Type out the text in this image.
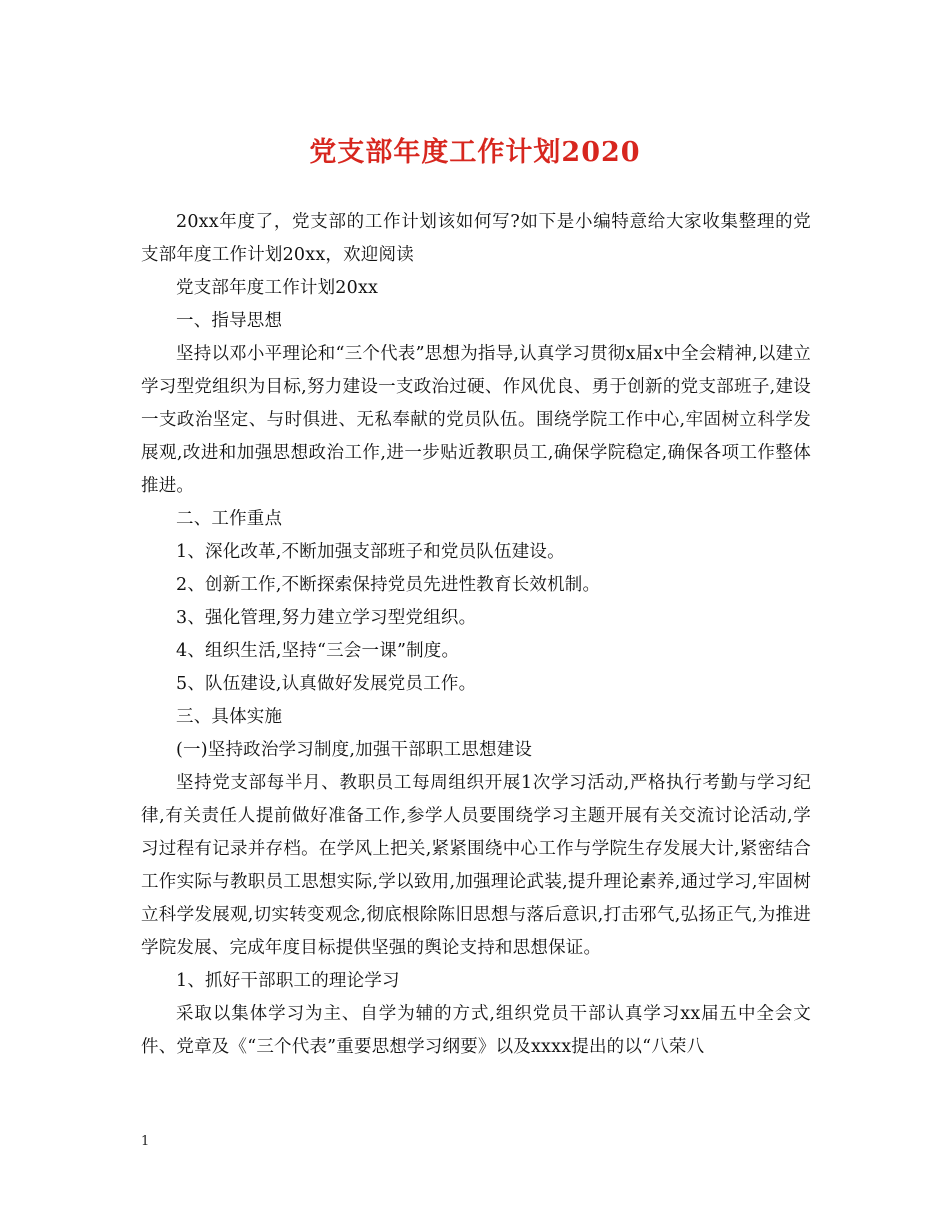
党支部年度工作计划2020

20xx年度了，党支部的工作计划该如何写?如下是小编特意给大家收集整理的党支部年度工作计划20xx，欢迎阅读

党支部年度工作计划20xx

一、指导思想

坚持以邓小平理论和“三个代表”思想为指导,认真学习贯彻x届x中全会精神,以建立学习型党组织为目标,努力建设一支政治过硬、作风优良、勇于创新的党支部班子,建设一支政治坚定、与时俱进、无私奉献的党员队伍。围绕学院工作中心,牢固树立科学发展观,改进和加强思想政治工作,进一步贴近教职员工,确保学院稳定,确保各项工作整体推进。

二、工作重点

1、深化改革,不断加强支部班子和党员队伍建设。

2、创新工作,不断探索保持党员先进性教育长效机制。

3、强化管理,努力建立学习型党组织。

4、组织生活,坚持“三会一课”制度。

5、队伍建设,认真做好发展党员工作。

三、具体实施

(一)坚持政治学习制度,加强干部职工思想建设

坚持党支部每半月、教职员工每周组织开展1次学习活动,严格执行考勤与学习纪律,有关责任人提前做好准备工作,参学人员要围绕学习主题开展有关交流讨论活动,学习过程有记录并存档。在学风上把关,紧紧围绕中心工作与学院生存发展大计,紧密结合工作实际与教职员工思想实际,学以致用,加强理论武装,提升理论素养,通过学习,牢固树立科学发展观,切实转变观念,彻底根除陈旧思想与落后意识,打击邪气,弘扬正气,为推进学院发展、完成年度目标提供坚强的舆论支持和思想保证。

1、抓好干部职工的理论学习

采取以集体学习为主、自学为辅的方式,组织党员干部认真学习xx届五中全会文件、党章及《“三个代表”重要思想学习纲要》以及xxxx提出的以“八荣八

1
